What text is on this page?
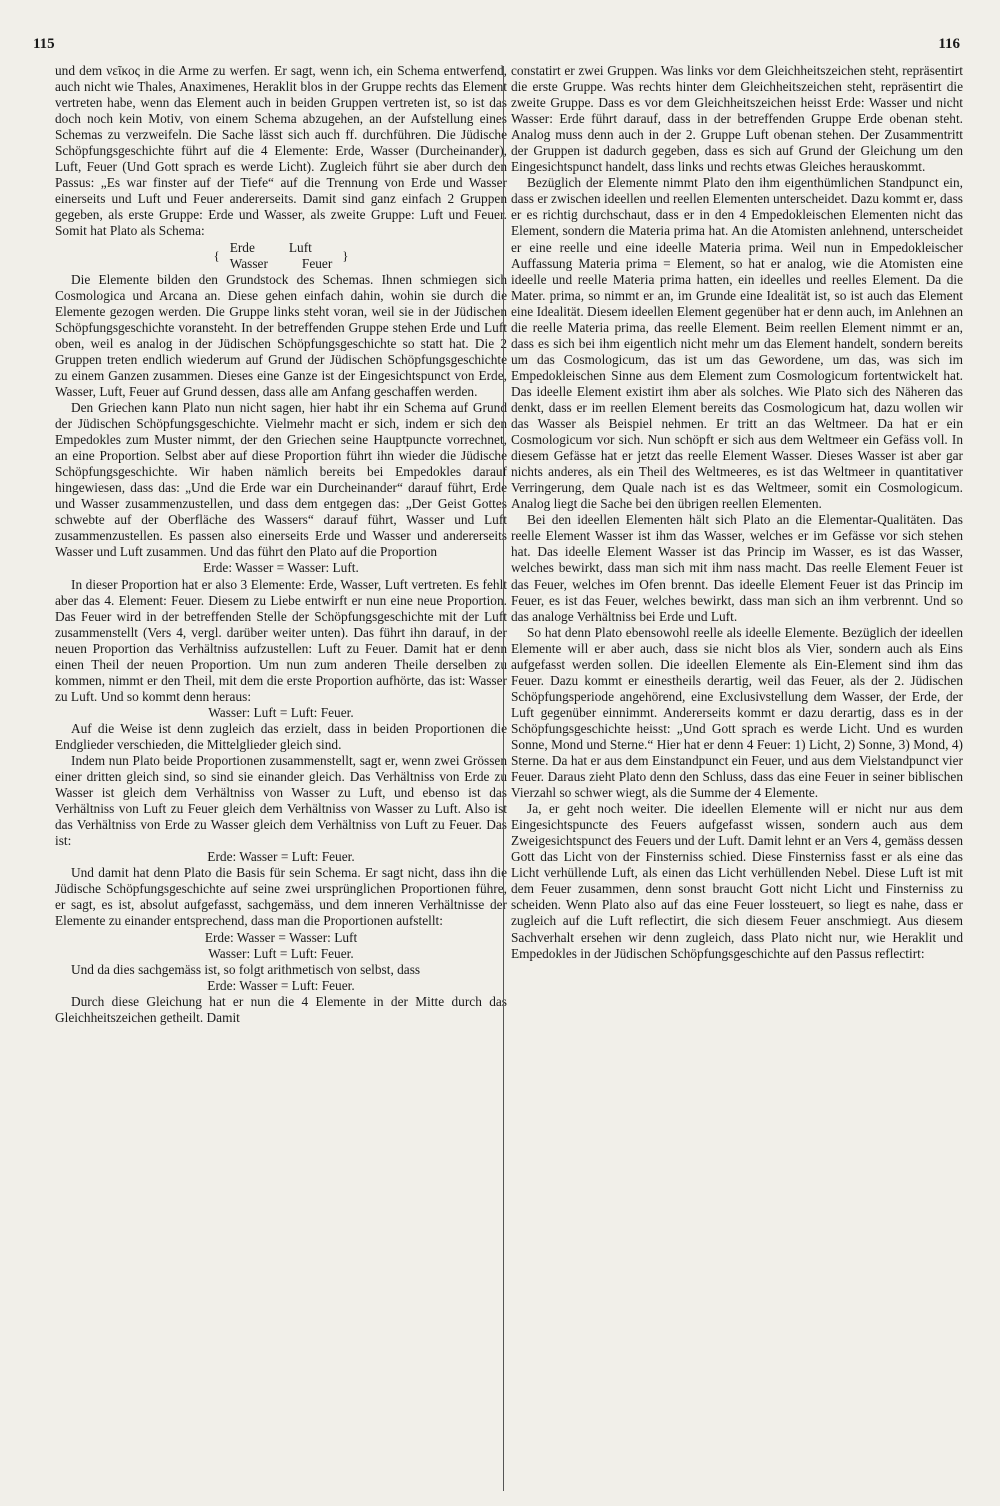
115	116

und dem νεῖκος in die Arme zu werfen. Er sagt, wenn ich, ein Schema entwerfend, auch nicht wie Thales, Anaximenes, Heraklit blos in der Gruppe rechts das Element vertreten habe, wenn das Element auch in beiden Gruppen vertreten ist, so ist das doch noch kein Motiv, von einem Schema abzugehen, an der Aufstellung eines Schemas zu verzweifeln. Die Sache lässt sich auch ff. durchführen. Die Jüdische Schöpfungsgeschichte führt auf die 4 Elemente: Erde, Wasser (Durcheinander), Luft, Feuer (Und Gott sprach es werde Licht). Zugleich führt sie aber durch den Passus: „Es war finster auf der Tiefe“ auf die Trennung von Erde und Wasser einerseits und Luft und Feuer andererseits. Damit sind ganz einfach 2 Gruppen gegeben, als erste Gruppe: Erde und Wasser, als zweite Gruppe: Luft und Feuer. Somit hat Plato als Schema:

{
Erde	Luft
Wasser	Feuer
}

Die Elemente bilden den Grundstock des Schemas. Ihnen schmiegen sich Cosmologica und Arcana an. Diese gehen einfach dahin, wohin sie durch die Elemente gezogen werden. Die Gruppe links steht voran, weil sie in der Jüdischen Schöpfungsgeschichte voransteht. In der betreffenden Gruppe stehen Erde und Luft oben, weil es analog in der Jüdischen Schöpfungsgeschichte so statt hat. Die 2 Gruppen treten endlich wiederum auf Grund der Jüdischen Schöpfungsgeschichte zu einem Ganzen zusammen. Dieses eine Ganze ist der Eingesichtspunct von Erde, Wasser, Luft, Feuer auf Grund dessen, dass alle am Anfang geschaffen werden.

Den Griechen kann Plato nun nicht sagen, hier habt ihr ein Schema auf Grund der Jüdischen Schöpfungsgeschichte. Vielmehr macht er sich, indem er sich den Empedokles zum Muster nimmt, der den Griechen seine Hauptpuncte vorrechnet, an eine Proportion. Selbst aber auf diese Proportion führt ihn wieder die Jüdische Schöpfungsgeschichte. Wir haben nämlich bereits bei Empedokles darauf hingewiesen, dass das: „Und die Erde war ein Durcheinander“ darauf führt, Erde und Wasser zusammenzustellen, und dass dem entgegen das: „Der Geist Gottes schwebte auf der Oberfläche des Wassers“ darauf führt, Wasser und Luft zusammenzustellen. Es passen also einerseits Erde und Wasser und andererseits Wasser und Luft zusammen. Und das führt den Plato auf die Proportion

Erde: Wasser = Wasser: Luft.

In dieser Proportion hat er also 3 Elemente: Erde, Wasser, Luft vertreten. Es fehlt aber das 4. Element: Feuer. Diesem zu Liebe entwirft er nun eine neue Proportion. Das Feuer wird in der betreffenden Stelle der Schöpfungsgeschichte mit der Luft zusammenstellt (Vers 4, vergl. darüber weiter unten). Das führt ihn darauf, in der neuen Proportion das Verhältniss aufzustellen: Luft zu Feuer. Damit hat er denn einen Theil der neuen Proportion. Um nun zum anderen Theile derselben zu kommen, nimmt er den Theil, mit dem die erste Proportion aufhörte, das ist: Wasser zu Luft. Und so kommt denn heraus:

Wasser: Luft = Luft: Feuer.

Auf die Weise ist denn zugleich das erzielt, dass in beiden Proportionen die Endglieder verschieden, die Mittelglieder gleich sind.

Indem nun Plato beide Proportionen zusammenstellt, sagt er, wenn zwei Grössen einer dritten gleich sind, so sind sie einander gleich. Das Verhältniss von Erde zu Wasser ist gleich dem Verhältniss von Wasser zu Luft, und ebenso ist das Verhältniss von Luft zu Feuer gleich dem Verhältniss von Wasser zu Luft. Also ist das Verhältniss von Erde zu Wasser gleich dem Verhältniss von Luft zu Feuer. Das ist:

Erde: Wasser = Luft: Feuer.

Und damit hat denn Plato die Basis für sein Schema. Er sagt nicht, dass ihn die Jüdische Schöpfungsgeschichte auf seine zwei ursprünglichen Proportionen führe, er sagt, es ist, absolut aufgefasst, sachgemäss, und dem inneren Verhältnisse der Elemente zu einander entsprechend, dass man die Proportionen aufstellt:

Erde: Wasser = Wasser: Luft

Wasser: Luft = Luft: Feuer.

Und da dies sachgemäss ist, so folgt arithmetisch von selbst, dass

Erde: Wasser = Luft: Feuer.

Durch diese Gleichung hat er nun die 4 Elemente in der Mitte durch das Gleichheitszeichen getheilt. Damit

constatirt er zwei Gruppen. Was links vor dem Gleichheitszeichen steht, repräsentirt die erste Gruppe. Was rechts hinter dem Gleichheitszeichen steht, repräsentirt die zweite Gruppe. Dass es vor dem Gleichheitszeichen heisst Erde: Wasser und nicht Wasser: Erde führt darauf, dass in der betreffenden Gruppe Erde obenan steht. Analog muss denn auch in der 2. Gruppe Luft obenan stehen. Der Zusammentritt der Gruppen ist dadurch gegeben, dass es sich auf Grund der Gleichung um den Eingesichtspunct handelt, dass links und rechts etwas Gleiches herauskommt.

Bezüglich der Elemente nimmt Plato den ihm eigenthümlichen Standpunct ein, dass er zwischen ideellen und reellen Elementen unterscheidet. Dazu kommt er, dass er es richtig durchschaut, dass er in den 4 Empedokleischen Elementen nicht das Element, sondern die Materia prima hat. An die Atomisten anlehnend, unterscheidet er eine reelle und eine ideelle Materia prima. Weil nun in Empedokleischer Auffassung Materia prima = Element, so hat er analog, wie die Atomisten eine ideelle und reelle Materia prima hatten, ein ideelles und reelles Element. Da die Mater. prima, so nimmt er an, im Grunde eine Idealität ist, so ist auch das Element eine Idealität. Diesem ideellen Element gegenüber hat er denn auch, im Anlehnen an die reelle Materia prima, das reelle Element. Beim reellen Element nimmt er an, dass es sich bei ihm eigentlich nicht mehr um das Element handelt, sondern bereits um das Cosmologicum, das ist um das Gewordene, um das, was sich im Empedokleischen Sinne aus dem Element zum Cosmologicum fortentwickelt hat. Das ideelle Element existirt ihm aber als solches. Wie Plato sich des Näheren das denkt, dass er im reellen Element bereits das Cosmologicum hat, dazu wollen wir das Wasser als Beispiel nehmen. Er tritt an das Weltmeer. Da hat er ein Cosmologicum vor sich. Nun schöpft er sich aus dem Weltmeer ein Gefäss voll. In diesem Gefässe hat er jetzt das reelle Element Wasser. Dieses Wasser ist aber gar nichts anderes, als ein Theil des Weltmeeres, es ist das Weltmeer in quantitativer Verringerung, dem Quale nach ist es das Weltmeer, somit ein Cosmologicum. Analog liegt die Sache bei den übrigen reellen Elementen.

Bei den ideellen Elementen hält sich Plato an die Elementar-Qualitäten. Das reelle Element Wasser ist ihm das Wasser, welches er im Gefässe vor sich stehen hat. Das ideelle Element Wasser ist das Princip im Wasser, es ist das Wasser, welches bewirkt, dass man sich mit ihm nass macht. Das reelle Element Feuer ist das Feuer, welches im Ofen brennt. Das ideelle Element Feuer ist das Princip im Feuer, es ist das Feuer, welches bewirkt, dass man sich an ihm verbrennt. Und so das analoge Verhältniss bei Erde und Luft.

So hat denn Plato ebensowohl reelle als ideelle Elemente. Bezüglich der ideellen Elemente will er aber auch, dass sie nicht blos als Vier, sondern auch als Eins aufgefasst werden sollen. Die ideellen Elemente als Ein-Element sind ihm das Feuer. Dazu kommt er einestheils derartig, weil das Feuer, als der 2. Jüdischen Schöpfungsperiode angehörend, eine Exclusivstellung dem Wasser, der Erde, der Luft gegenüber einnimmt. Andererseits kommt er dazu derartig, dass es in der Schöpfungsgeschichte heisst: „Und Gott sprach es werde Licht. Und es wurden Sonne, Mond und Sterne.“ Hier hat er denn 4 Feuer: 1) Licht, 2) Sonne, 3) Mond, 4) Sterne. Da hat er aus dem Einstandpunct ein Feuer, und aus dem Vielstandpunct vier Feuer. Daraus zieht Plato denn den Schluss, dass das eine Feuer in seiner biblischen Vierzahl so schwer wiegt, als die Summe der 4 Elemente.

Ja, er geht noch weiter. Die ideellen Elemente will er nicht nur aus dem Eingesichtspuncte des Feuers aufgefasst wissen, sondern auch aus dem Zweigesichtspunct des Feuers und der Luft. Damit lehnt er an Vers 4, gemäss dessen Gott das Licht von der Finsterniss schied. Diese Finsterniss fasst er als eine das Licht verhüllende Luft, als einen das Licht verhüllenden Nebel. Diese Luft ist mit dem Feuer zusammen, denn sonst braucht Gott nicht Licht und Finsterniss zu scheiden. Wenn Plato also auf das eine Feuer lossteuert, so liegt es nahe, dass er zugleich auf die Luft reflectirt, die sich diesem Feuer anschmiegt. Aus diesem Sachverhalt ersehen wir denn zugleich, dass Plato nicht nur, wie Heraklit und Empedokles in der Jüdischen Schöpfungsgeschichte auf den Passus reflectirt:
